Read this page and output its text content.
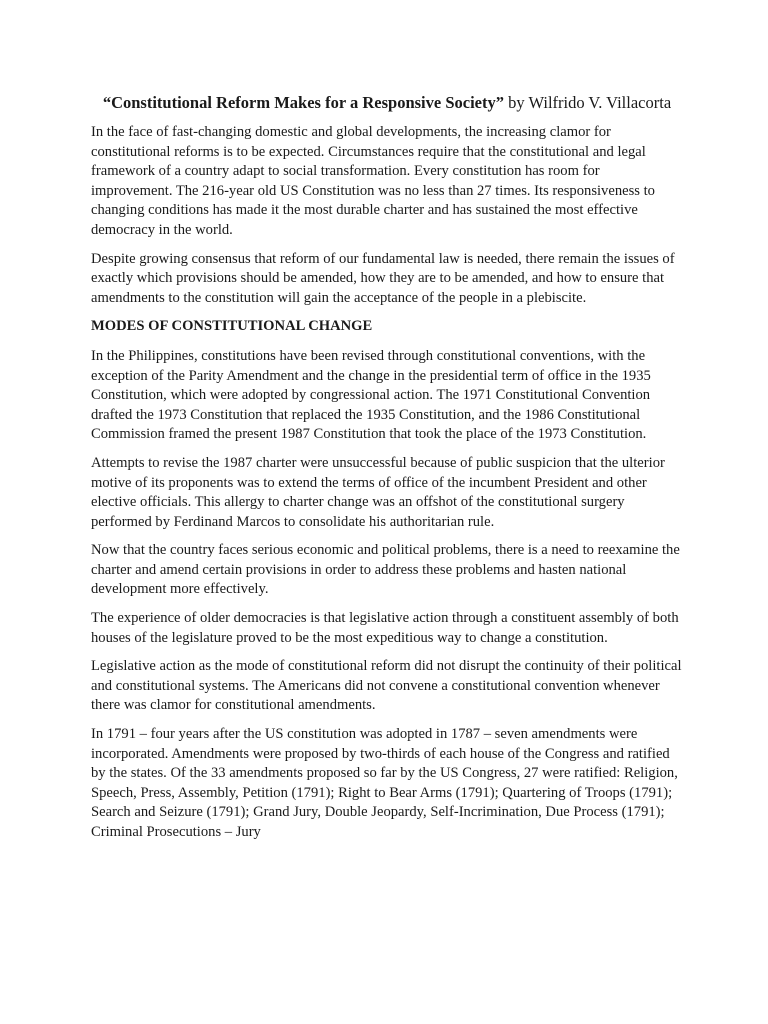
“Constitutional Reform Makes for a Responsive Society” by Wilfrido V. Villacorta

In the face of fast-changing domestic and global developments, the increasing clamor for constitutional reforms is to be expected. Circumstances require that the constitutional and legal framework of a country adapt to social transformation. Every constitution has room for improvement. The 216-year old US Constitution was no less than 27 times. Its responsiveness to changing conditions has made it the most durable charter and has sustained the most effective democracy in the world.

Despite growing consensus that reform of our fundamental law is needed, there remain the issues of exactly which provisions should be amended, how they are to be amended, and how to ensure that amendments to the constitution will gain the acceptance of the people in a plebiscite.

MODES OF CONSTITUTIONAL CHANGE

In the Philippines, constitutions have been revised through constitutional conventions, with the exception of the Parity Amendment and the change in the presidential term of office in the 1935 Constitution, which were adopted by congressional action. The 1971 Constitutional Convention drafted the 1973 Constitution that replaced the 1935 Constitution, and the 1986 Constitutional Commission framed the present 1987 Constitution that took the place of the 1973 Constitution.

Attempts to revise the 1987 charter were unsuccessful because of public suspicion that the ulterior motive of its proponents was to extend the terms of office of the incumbent President and other elective officials. This allergy to charter change was an offshot of the constitutional surgery performed by Ferdinand Marcos to consolidate his authoritarian rule.

Now that the country faces serious economic and political problems, there is a need to reexamine the charter and amend certain provisions in order to address these problems and hasten national development more effectively.

The experience of older democracies is that legislative action through a constituent assembly of both houses of the legislature proved to be the most expeditious way to change a constitution.

Legislative action as the mode of constitutional reform did not disrupt the continuity of their political and constitutional systems. The Americans did not convene a constitutional convention whenever there was clamor for constitutional amendments.

In 1791 – four years after the US constitution was adopted in 1787 – seven amendments were incorporated. Amendments were proposed by two-thirds of each house of the Congress and ratified by the states. Of the 33 amendments proposed so far by the US Congress, 27 were ratified: Religion, Speech, Press, Assembly, Petition (1791); Right to Bear Arms (1791); Quartering of Troops (1791); Search and Seizure (1791); Grand Jury, Double Jeopardy, Self-Incrimination, Due Process (1791); Criminal Prosecutions – Jury
